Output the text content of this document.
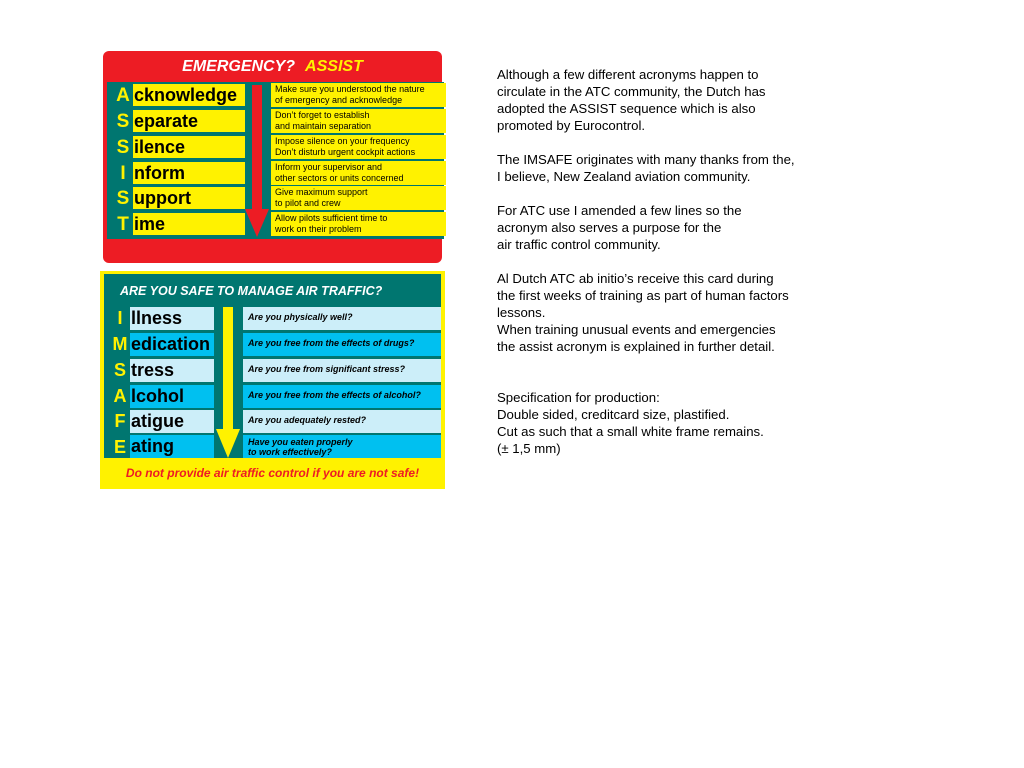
EMERGENCY? ASSIST
A cknowledge	Make sure you understood the nature
of emergency and acknowledge
S eparate	Don’t forget to establish
and maintain separation
S ilence	Impose silence on your frequency
Don’t disturb urgent cockpit actions
I nform	Inform your supervisor and
other sectors or units concerned
S upport	Give maximum support
to pilot and crew
T ime	Allow pilots sufficient time to
work on their problem
ARE YOU SAFE TO MANAGE AIR TRAFFIC?
I llness	Are you physically well?
M edication	Are you free from the effects of drugs?
S tress	Are you free from significant stress?
A lcohol	Are you free from the effects of alcohol?
F atigue	Are you adequately rested?
E ating	Have you eaten properly
to work effectively?
Do not provide air traffic control if you are not safe!

Although a few different acronyms happen to
circulate in the ATC community, the Dutch has
adopted the ASSIST sequence which is also
promoted by Eurocontrol.

The IMSAFE originates with many thanks from the,
I believe, New Zealand aviation community.

For ATC use I amended a few lines so the
acronym also serves a purpose for the
air traffic control community.

Al Dutch ATC ab initio’s receive this card during
the first weeks of training as part of human factors
lessons.
When training unusual events and emergencies
the assist acronym is explained in further detail.

Specification for production:
Double sided, creditcard size, plastified.
Cut as such that a small white frame remains.
(± 1,5 mm)
